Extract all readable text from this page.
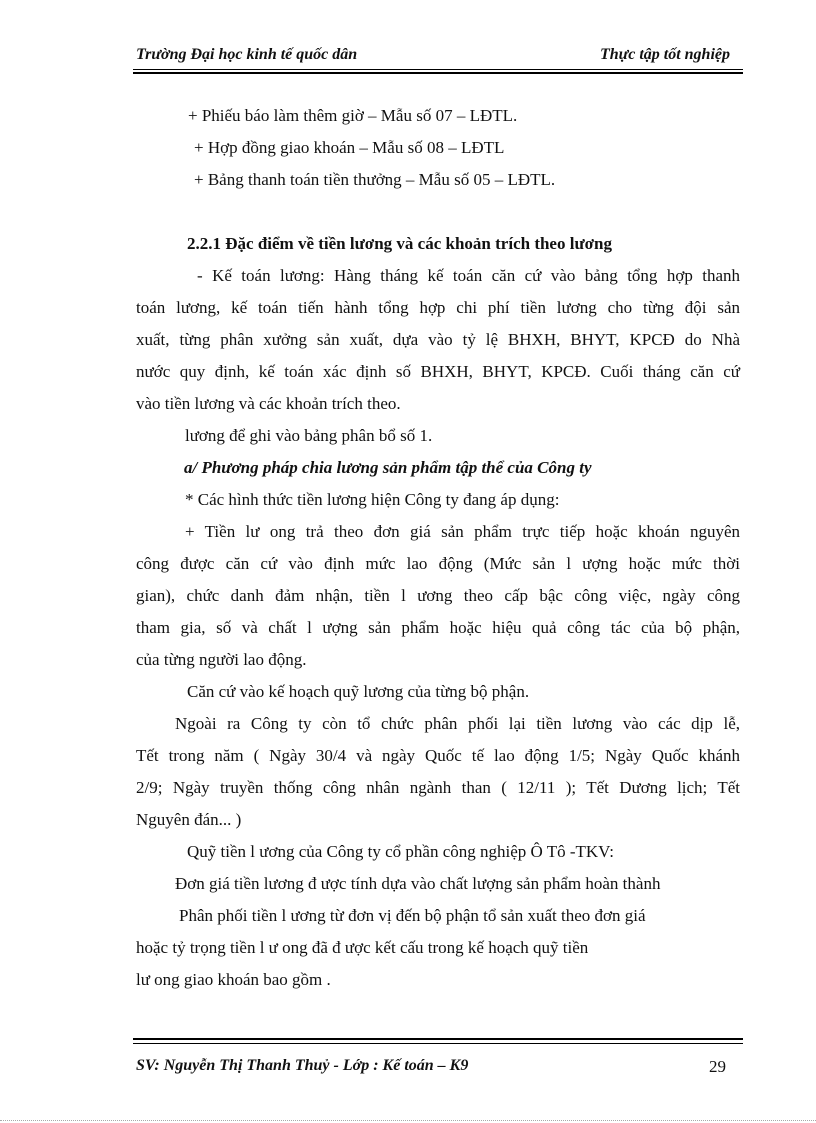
Trường Đại học kinh tế quốc dân	Thực tập tốt nghiệp
+ Phiếu báo làm thêm giờ – Mẫu số 07 – LĐTL.
+ Hợp đồng giao khoán – Mẫu số 08 – LĐTL
+ Bảng thanh toán tiền thưởng – Mẫu số 05 – LĐTL.
2.2.1 Đặc điểm về tiền lương và các khoản trích theo lương
- Kế toán lương: Hàng tháng kế toán căn cứ vào bảng tổng hợp thanh
toán lương, kế toán tiến hành tổng hợp chi phí tiền lương cho từng đội sản
xuất, từng phân xưởng sản xuất, dựa vào tỷ lệ BHXH, BHYT, KPCĐ do Nhà
nước quy định, kế toán xác định số BHXH, BHYT, KPCĐ. Cuối tháng căn cứ
vào tiền lương và các khoản trích theo.
lương để ghi vào bảng phân bổ số 1.
a/ Phương pháp chia lương sản phẩm tập thể của Công ty
* Các hình thức tiền lương hiện Công ty đang áp dụng:
+ Tiền lư ong trả theo đơn giá sản phẩm trực tiếp hoặc khoán nguyên
công được căn cứ vào định mức lao động (Mức sản l ượng hoặc mức thời
gian), chức danh đảm nhận, tiền l ương theo cấp bậc công việc, ngày công
tham gia, số và chất l ượng sản phẩm hoặc hiệu quả công tác của bộ phận,
của từng người lao động.
Căn cứ vào kế hoạch quỹ lương của từng bộ phận.
Ngoài ra Công ty còn tổ chức phân phối lại tiền lương vào các dịp lễ,
Tết trong năm ( Ngày 30/4 và ngày Quốc tế lao động 1/5; Ngày Quốc khánh
2/9; Ngày truyền thống công nhân ngành than ( 12/11 ); Tết Dương lịch; Tết
Nguyên đán... )
Quỹ tiền l ương của Công ty cổ phần công nghiệp Ô Tô -TKV:
Đơn giá tiền lương đ ược tính dựa vào chất lượng sản phẩm hoàn thành
Phân phối tiền l ương từ đơn vị đến bộ phận tổ sản xuất theo đơn giá
hoặc tỷ trọng tiền l ư ong đã đ ược kết cấu trong kế hoạch quỹ tiền
lư ong giao khoán bao gồm .
SV: Nguyễn Thị Thanh Thuỷ - Lớp : Kế toán – K9	29
